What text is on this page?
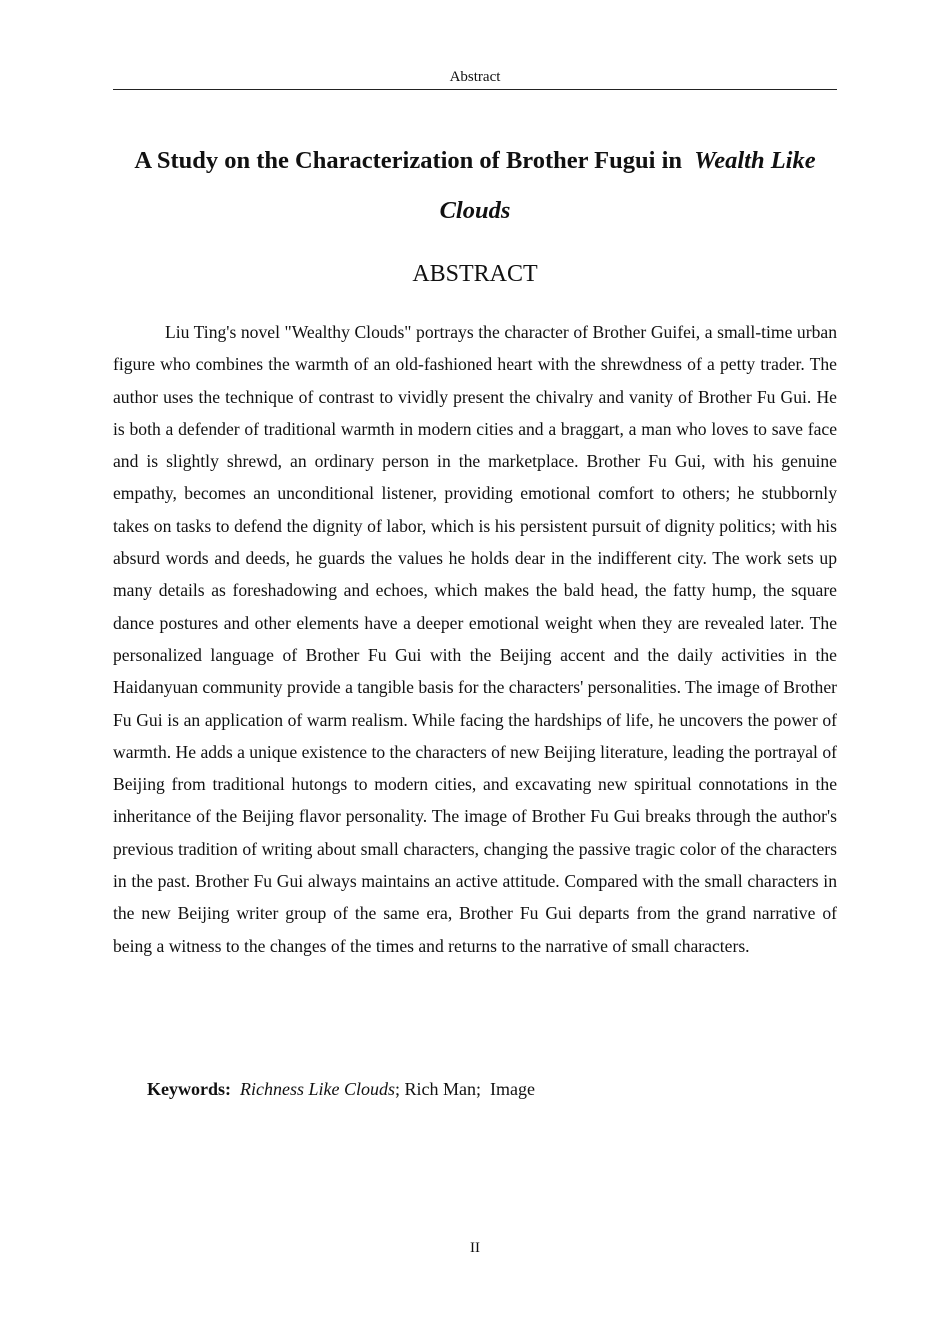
Abstract
A Study on the Characterization of Brother Fugui in Wealth Like Clouds
ABSTRACT

Liu Ting's novel "Wealthy Clouds" portrays the character of Brother Guifei, a small-time urban figure who combines the warmth of an old-fashioned heart with the shrewdness of a petty trader. The author uses the technique of contrast to vividly present the chivalry and vanity of Brother Fu Gui. He is both a defender of traditional warmth in modern cities and a braggart, a man who loves to save face and is slightly shrewd, an ordinary person in the marketplace. Brother Fu Gui, with his genuine empathy, becomes an unconditional listener, providing emotional comfort to others; he stubbornly takes on tasks to defend the dignity of labor, which is his persistent pursuit of dignity politics; with his absurd words and deeds, he guards the values he holds dear in the indifferent city. The work sets up many details as foreshadowing and echoes, which makes the bald head, the fatty hump, the square dance postures and other elements have a deeper emotional weight when they are revealed later. The personalized language of Brother Fu Gui with the Beijing accent and the daily activities in the Haidanyuan community provide a tangible basis for the characters' personalities. The image of Brother Fu Gui is an application of warm realism. While facing the hardships of life, he uncovers the power of warmth. He adds a unique existence to the characters of new Beijing literature, leading the portrayal of Beijing from traditional hutongs to modern cities, and excavating new spiritual connotations in the inheritance of the Beijing flavor personality. The image of Brother Fu Gui breaks through the author's previous tradition of writing about small characters, changing the passive tragic color of the characters in the past. Brother Fu Gui always maintains an active attitude. Compared with the small characters in the new Beijing writer group of the same era, Brother Fu Gui departs from the grand narrative of being a witness to the changes of the times and returns to the narrative of small characters.

Keywords: Richness Like Clouds; Rich Man; Image

II
